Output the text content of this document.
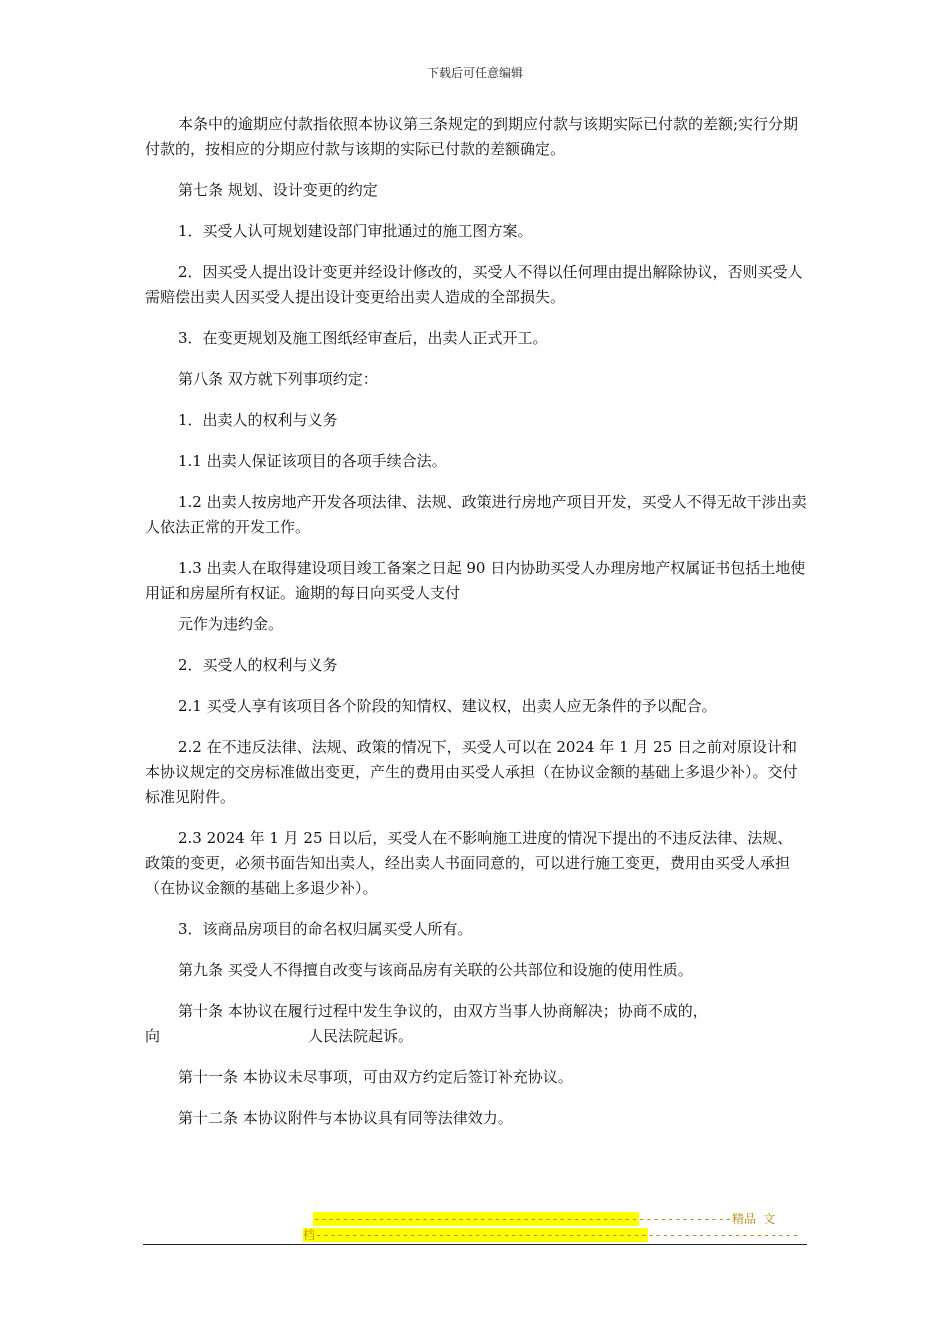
下载后可任意编辑

本条中的逾期应付款指依照本协议第三条规定的到期应付款与该期实际已付款的差额;实行分期付款的，按相应的分期应付款与该期的实际已付款的差额确定。

第七条 规划、设计变更的约定

1．买受人认可规划建设部门审批通过的施工图方案。

2．因买受人提出设计变更并经设计修改的，买受人不得以任何理由提出解除协议，否则买受人需赔偿出卖人因买受人提出设计变更给出卖人造成的全部损失。

3．在变更规划及施工图纸经审查后，出卖人正式开工。

第八条 双方就下列事项约定：

1．出卖人的权利与义务

1.1 出卖人保证该项目的各项手续合法。

1.2 出卖人按房地产开发各项法律、法规、政策进行房地产项目开发，买受人不得无故干涉出卖人依法正常的开发工作。

1.3 出卖人在取得建设项目竣工备案之日起 90 日内协助买受人办理房地产权属证书包括土地使用证和房屋所有权证。逾期的每日向买受人支付

元作为违约金。

2．买受人的权利与义务

2.1 买受人享有该项目各个阶段的知情权、建议权，出卖人应无条件的予以配合。

2.2 在不违反法律、法规、政策的情况下，买受人可以在 2024 年 1 月 25 日之前对原设计和本协议规定的交房标准做出变更，产生的费用由买受人承担（在协议金额的基础上多退少补）。交付标准见附件。

2.3 2024 年 1 月 25 日以后，买受人在不影响施工进度的情况下提出的不违反法律、法规、政策的变更，必须书面告知出卖人，经出卖人书面同意的，可以进行施工变更，费用由买受人承担（在协议金额的基础上多退少补）。

3．该商品房项目的命名权归属买受人所有。

第九条 买受人不得擅自改变与该商品房有关联的公共部位和设施的使用性质。

第十条 本协议在履行过程中发生争议的，由双方当事人协商解决；协商不成的，

向	人民法院起诉。

第十一条 本协议未尽事项，可由双方约定后签订补充协议。

第十二条 本协议附件与本协议具有同等法律效力。

----------------------------------------------------------精品 文
档-------------------------------------------------------------------
